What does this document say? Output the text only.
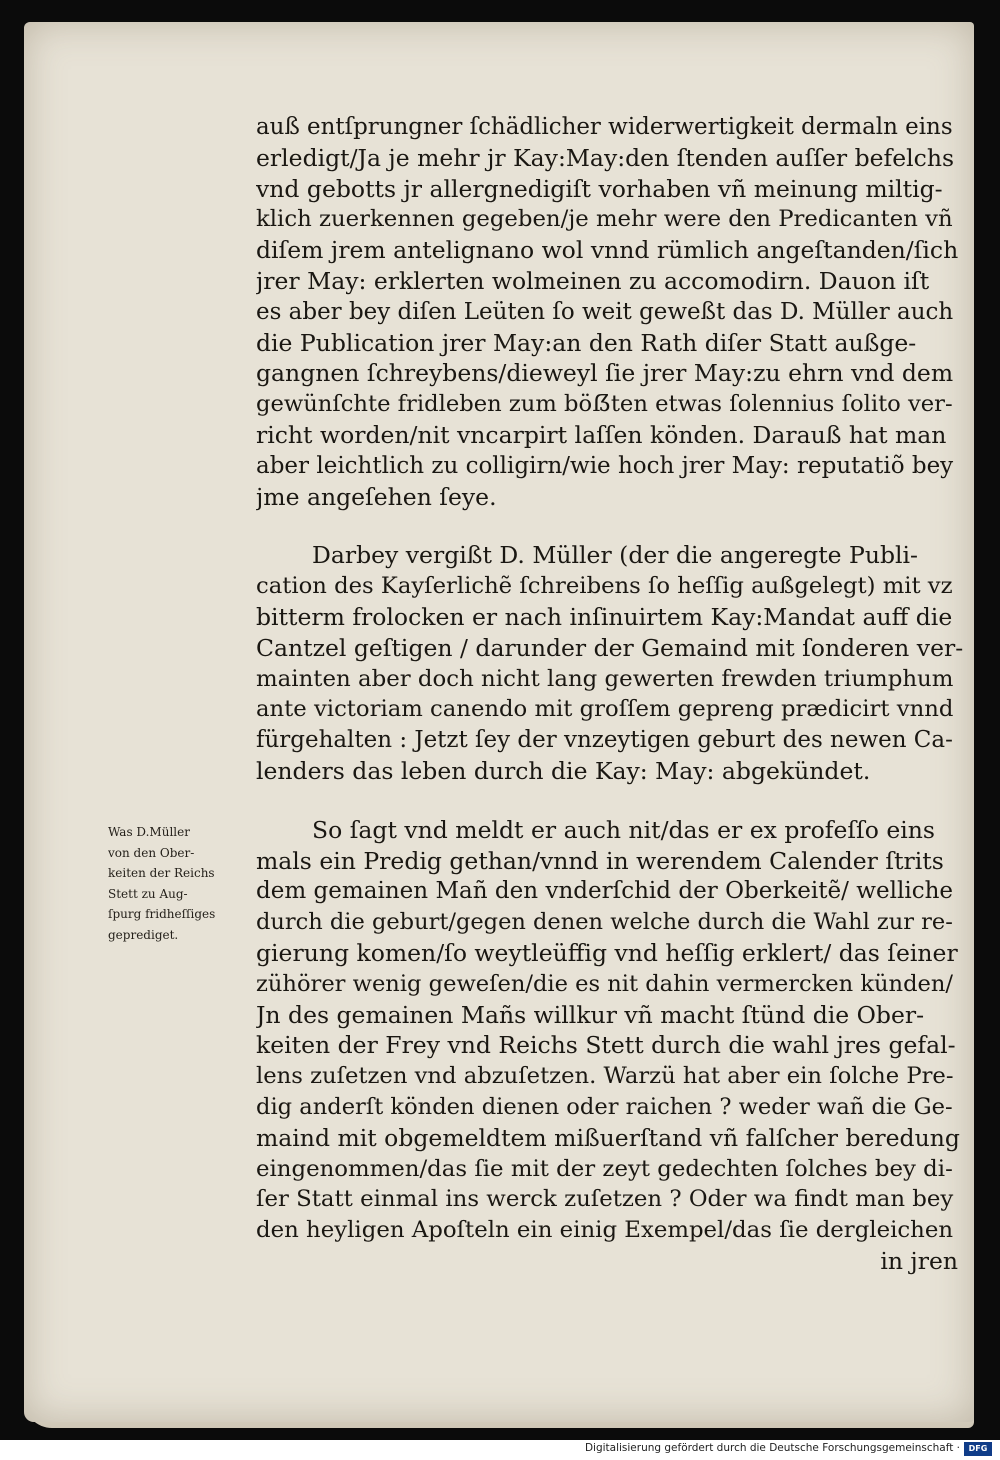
auß entſprungner ſchädlicher widerwertigkeit dermaln eins
erledigt/Ja je mehr jr Kay:May:den ſtenden auſſer befelchs
vnd gebotts jr allergnedigiſt vorhaben vñ meinung miltig-
klich zuerkennen gegeben/je mehr were den Predicanten vñ
diſem jrem antelignano wol vnnd rümlich angeſtanden/ſich
jrer May: erklerten wolmeinen zu accomodirn. Dauon iſt
es aber bey diſen Leüten ſo weit geweßt das D. Müller auch
die Publication jrer May:an den Rath diſer Statt außge-
gangnen ſchreybens/dieweyl ſie jrer May:zu ehrn vnd dem
gewünſchte fridleben zum böẞten etwas ſolennius ſolito ver-
richt worden/nit vncarpirt laſſen könden. Darauß hat man
aber leichtlich zu colligirn/wie hoch jrer May: reputatiõ bey
jme angeſehen ſeye.
Darbey vergißt D. Müller (der die angeregte Publi-
cation des Kayſerlichẽ ſchreibens ſo heſſig außgelegt) mit vz
bitterm frolocken er nach inſinuirtem Kay:Mandat auff die
Cantzel geſtigen / darunder der Gemaind mit ſonderen ver-
mainten aber doch nicht lang gewerten frewden triumphum
ante victoriam canendo mit groſſem gepreng prædicirt vnnd
fürgehalten : Jetzt ſey der vnzeytigen geburt des newen Ca-
lenders das leben durch die Kay: May: abgekündet.
So ſagt vnd meldt er auch nit/das er ex profeſſo eins
mals ein Predig gethan/vnnd in werendem Calender ſtrits
dem gemainen Mañ den vnderſchid der Oberkeitẽ/ welliche
durch die geburt/gegen denen welche durch die Wahl zur re-
gierung komen/ſo weytleüffig vnd heſſig erklert/ das ſeiner
zühörer wenig geweſen/die es nit dahin vermercken künden/
Jn des gemainen Mañs willkur vñ macht ſtünd die Ober-
keiten der Frey vnd Reichs Stett durch die wahl jres gefal-
lens zuſetzen vnd abzuſetzen. Warzü hat aber ein ſolche Pre-
dig anderſt könden dienen oder raichen ? weder wañ die Ge-
maind mit obgemeldtem mißuerſtand vñ falſcher beredung
eingenommen/das ſie mit der zeyt gedechten ſolches bey di-
ſer Statt einmal ins werck zuſetzen ? Oder wa findt man bey
den heyligen Apoſteln ein einig Exempel/das ſie dergleichen
in jren
Was D.Müller
von den Ober-
keiten der Reichs
Stett zu Aug-
ſpurg fridheſſiges
geprediget.
Digitalisierung gefördert durch die Deutsche Forschungsgemeinschaft ·	DFG
